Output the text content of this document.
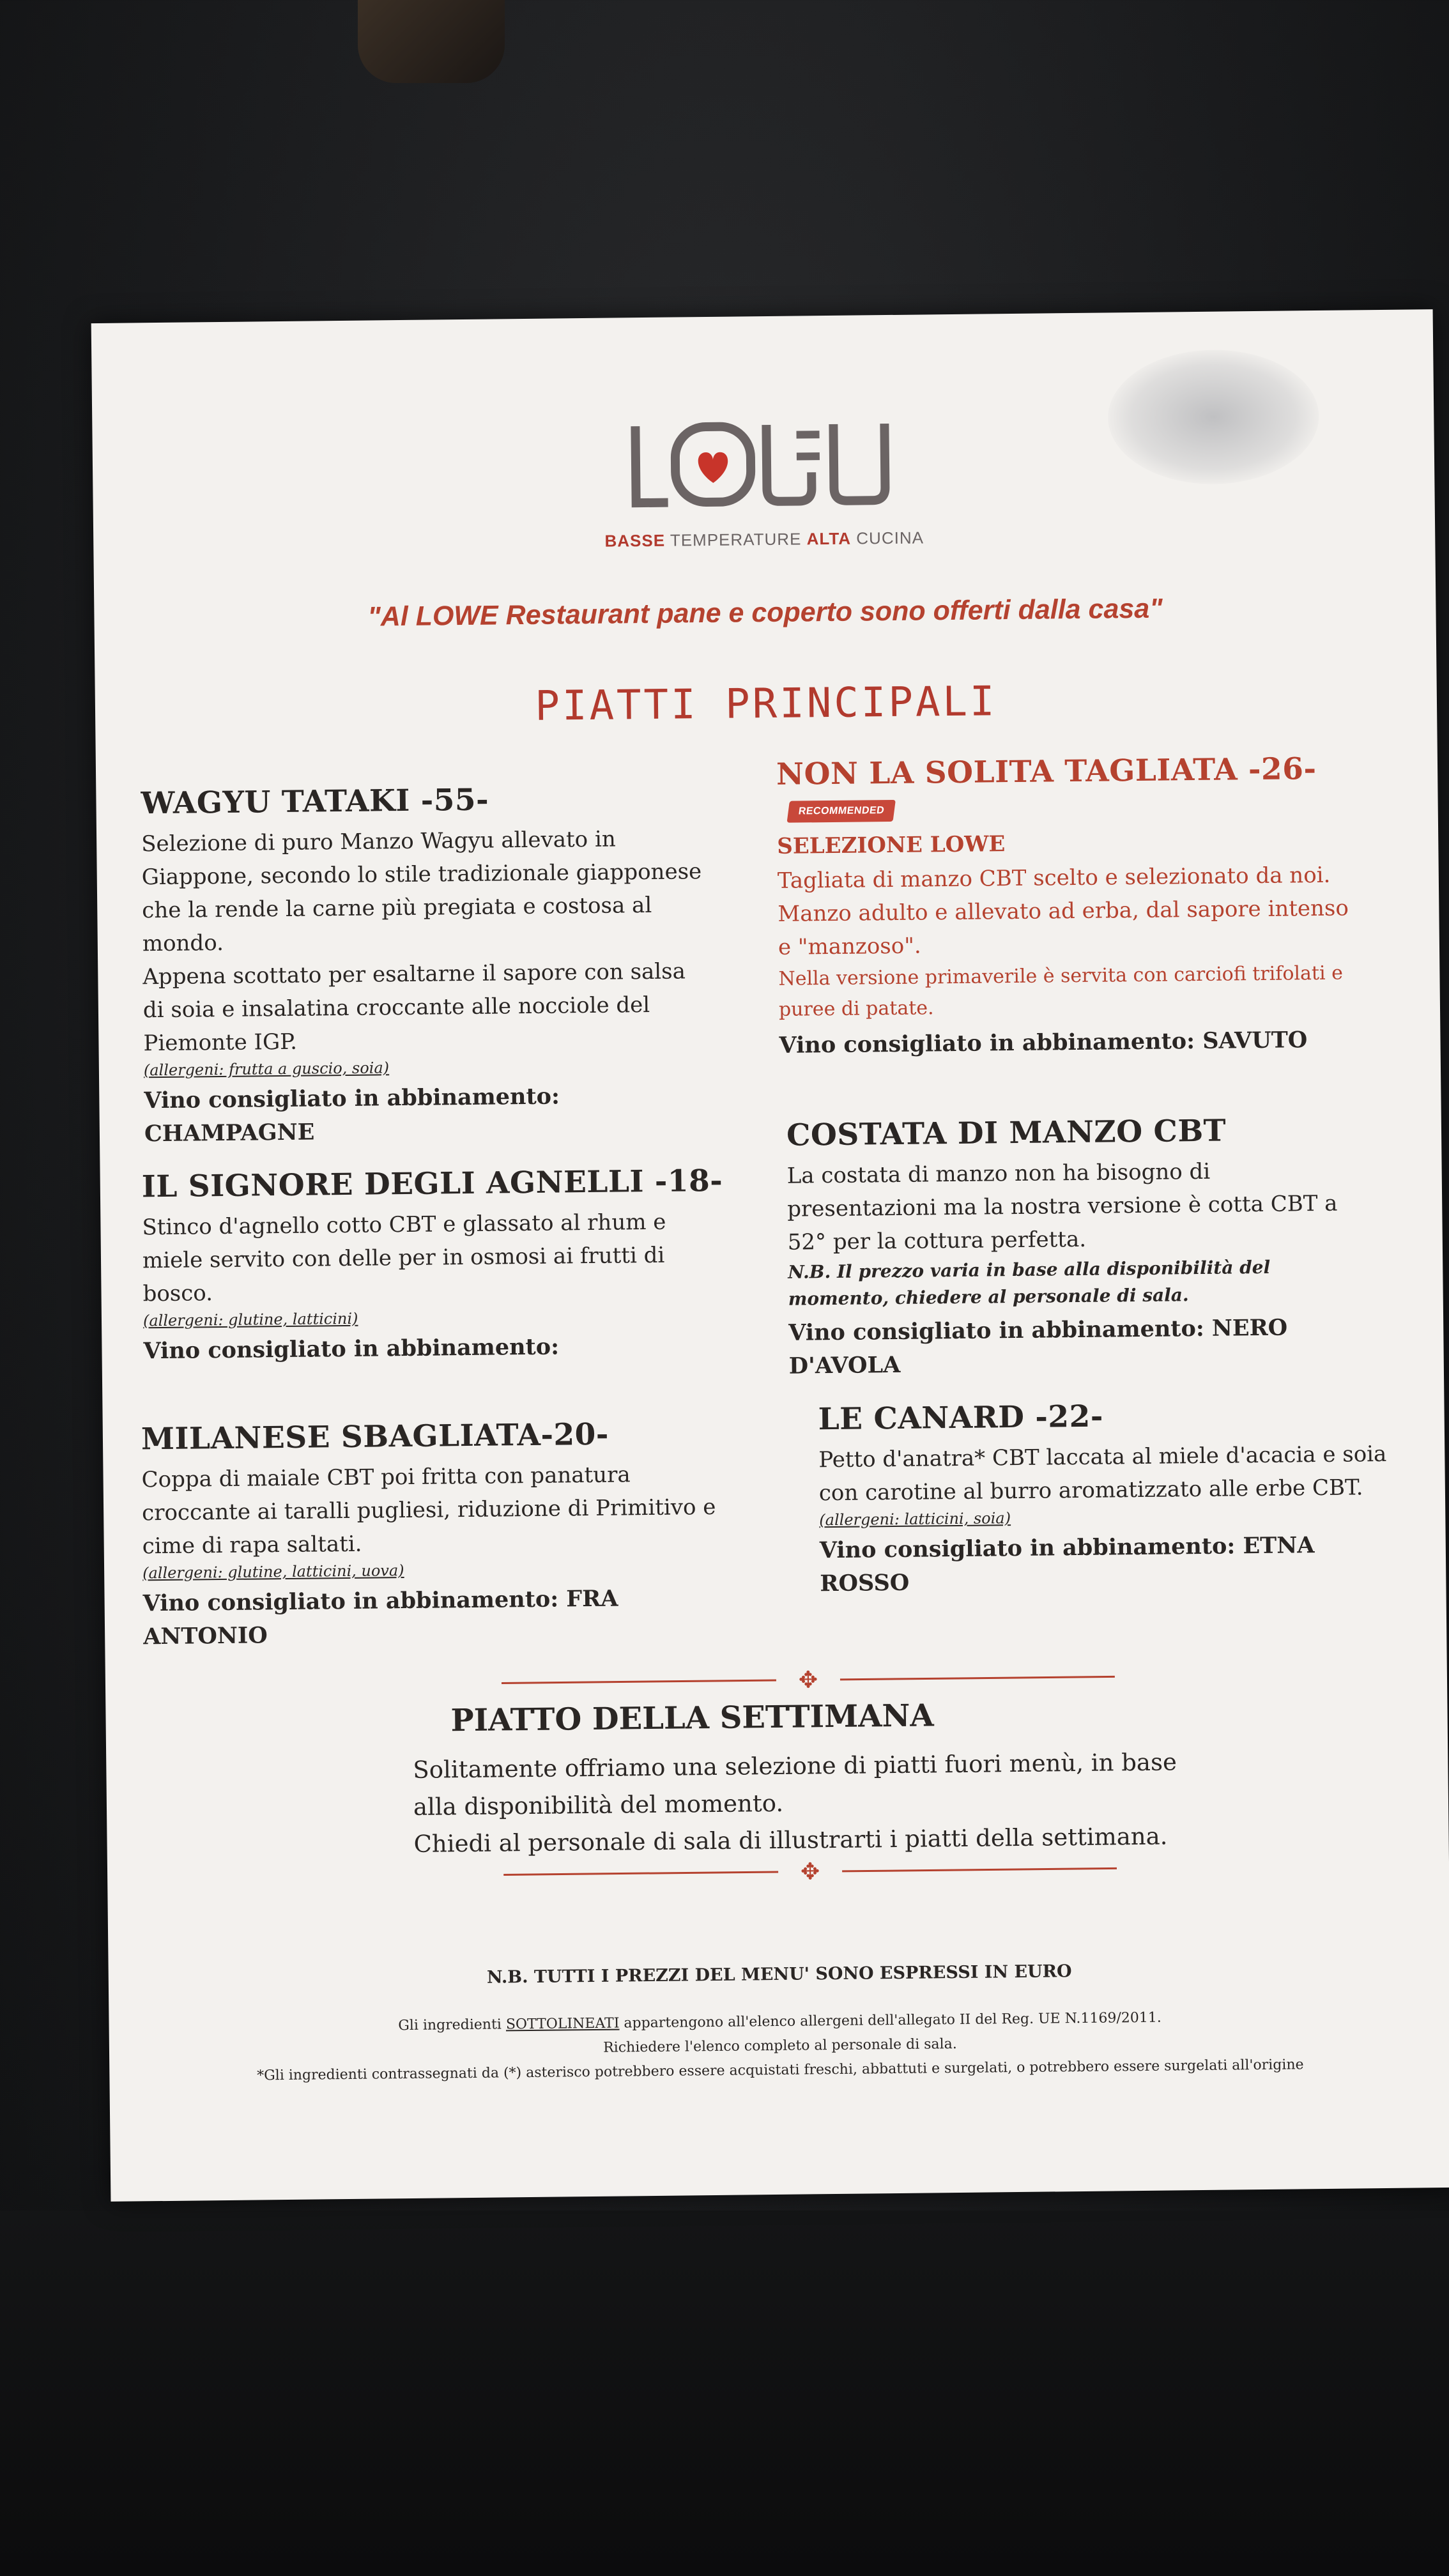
BASSE TEMPERATURE ALTA CUCINA
"Al LOWE Restaurant pane e coperto sono offerti dalla casa"
PIATTI PRINCIPALI
WAGYU TATAKI -55-

Selezione di puro Manzo Wagyu allevato in Giappone, secondo lo stile tradizionale giapponese che la rende la carne più pregiata e costosa al mondo.

Appena scottato per esaltarne il sapore con salsa di soia e insalatina croccante alle nocciole del Piemonte IGP.

(allergeni: frutta a guscio, soia)

Vino consigliato in abbinamento: CHAMPAGNE

NON LA SOLITA TAGLIATA -26-RECOMMENDED
SELEZIONE LOWE

Tagliata di manzo CBT scelto e selezionato da noi. Manzo adulto e allevato ad erba, dal sapore intenso e "manzoso".

Nella versione primaverile è servita con carciofi trifolati e puree di patate.

Vino consigliato in abbinamento: SAVUTO

IL SIGNORE DEGLI AGNELLI -18-

Stinco d'agnello cotto CBT e glassato al rhum e miele servito con delle per in osmosi ai frutti di bosco.

(allergeni: glutine, latticini)

Vino consigliato in abbinamento:

COSTATA DI MANZO CBT

La costata di manzo non ha bisogno di presentazioni ma la nostra versione è cotta CBT a 52° per la cottura perfetta.

N.B. Il prezzo varia in base alla disponibilità del momento, chiedere al personale di sala.

Vino consigliato in abbinamento: NERO D'AVOLA

MILANESE SBAGLIATA-20-

Coppa di maiale CBT poi fritta con panatura croccante ai taralli pugliesi, riduzione di Primitivo e cime di rapa saltati.

(allergeni: glutine, latticini, uova)

Vino consigliato in abbinamento: FRA ANTONIO

LE CANARD -22-

Petto d'anatra* CBT laccata al miele d'acacia e soia con carotine al burro aromatizzato alle erbe CBT.

(allergeni: latticini, soia)

Vino consigliato in abbinamento: ETNA ROSSO

✥
PIATTO DELLA SETTIMANA

Solitamente offriamo una selezione di piatti fuori menù, in base alla disponibilità del momento.

Chiedi al personale di sala di illustrarti i piatti della settimana.

✥
N.B. TUTTI I PREZZI DEL MENU' SONO ESPRESSI IN EURO
Gli ingredienti SOTTOLINEATI appartengono all'elenco allergeni dell'allegato II del Reg. UE N.1169/2011.
Richiedere l'elenco completo al personale di sala.
*Gli ingredienti contrassegnati da (*) asterisco potrebbero essere acquistati freschi, abbattuti e surgelati, o potrebbero essere surgelati all'origine
